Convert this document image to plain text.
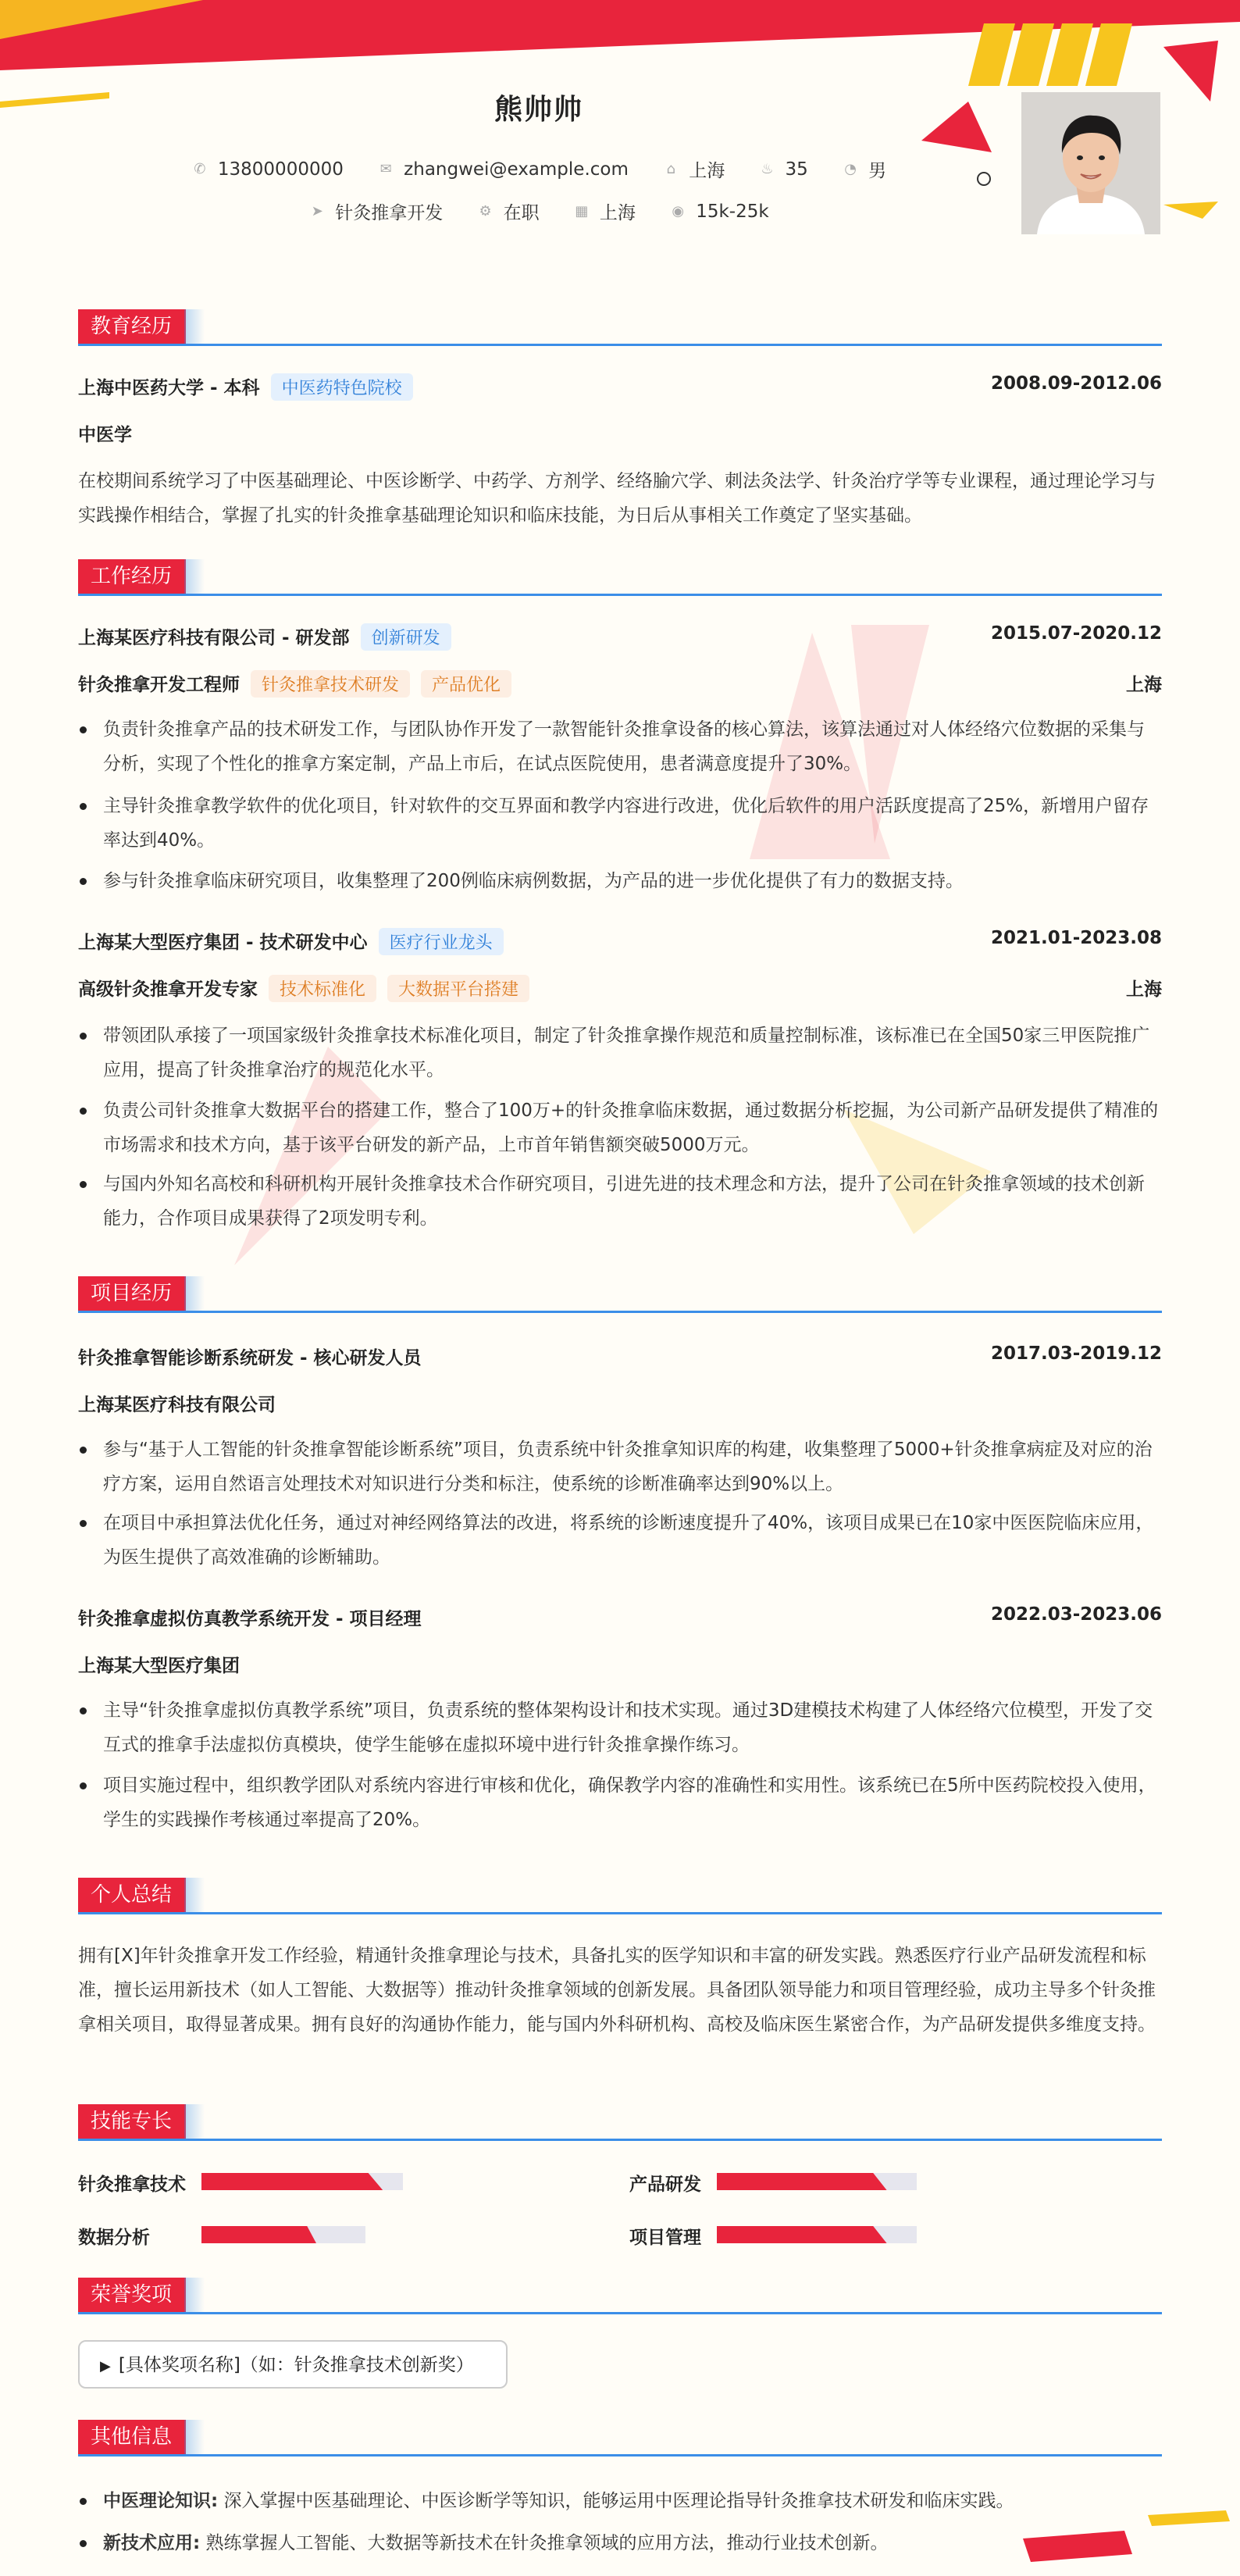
熊帅帅
✆ 13800000000
	✉ zhangwei@example.com
	⌂ 上海
	♨ 35
	◔ 男
➤ 针灸推拿开发
	⚙ 在职
	▦ 上海
	◉ 15k-25k
教育经历
上海中医药大学 - 本科 中医药特色院校	2008.09-2012.06
中医学
在校期间系统学习了中医基础理论、中医诊断学、中药学、方剂学、经络腧穴学、刺法灸法学、针灸治疗学等专业课程，通过理论学习与实践操作相结合，掌握了扎实的针灸推拿基础理论知识和临床技能，为日后从事相关工作奠定了坚实基础。
工作经历
上海某医疗科技有限公司 - 研发部 创新研发	2015.07-2020.12
针灸推拿开发工程师 针灸推拿技术研发 产品优化	上海
负责针灸推拿产品的技术研发工作，与团队协作开发了一款智能针灸推拿设备的核心算法，该算法通过对人体经络穴位数据的采集与分析，实现了个性化的推拿方案定制，产品上市后，在试点医院使用，患者满意度提升了30%。
主导针灸推拿教学软件的优化项目，针对软件的交互界面和教学内容进行改进，优化后软件的用户活跃度提高了25%，新增用户留存率达到40%。
参与针灸推拿临床研究项目，收集整理了200例临床病例数据，为产品的进一步优化提供了有力的数据支持。
上海某大型医疗集团 - 技术研发中心 医疗行业龙头	2021.01-2023.08
高级针灸推拿开发专家 技术标准化 大数据平台搭建	上海
带领团队承接了一项国家级针灸推拿技术标准化项目，制定了针灸推拿操作规范和质量控制标准，该标准已在全国50家三甲医院推广应用，提高了针灸推拿治疗的规范化水平。
负责公司针灸推拿大数据平台的搭建工作，整合了100万+的针灸推拿临床数据，通过数据分析挖掘，为公司新产品研发提供了精准的市场需求和技术方向，基于该平台研发的新产品，上市首年销售额突破5000万元。
与国内外知名高校和科研机构开展针灸推拿技术合作研究项目，引进先进的技术理念和方法，提升了公司在针灸推拿领域的技术创新能力，合作项目成果获得了2项发明专利。
项目经历
针灸推拿智能诊断系统研发 - 核心研发人员	2017.03-2019.12
上海某医疗科技有限公司
参与“基于人工智能的针灸推拿智能诊断系统”项目，负责系统中针灸推拿知识库的构建，收集整理了5000+针灸推拿病症及对应的治疗方案，运用自然语言处理技术对知识进行分类和标注，使系统的诊断准确率达到90%以上。
在项目中承担算法优化任务，通过对神经网络算法的改进，将系统的诊断速度提升了40%，该项目成果已在10家中医医院临床应用，为医生提供了高效准确的诊断辅助。
针灸推拿虚拟仿真教学系统开发 - 项目经理	2022.03-2023.06
上海某大型医疗集团
主导“针灸推拿虚拟仿真教学系统”项目，负责系统的整体架构设计和技术实现。通过3D建模技术构建了人体经络穴位模型，开发了交互式的推拿手法虚拟仿真模块，使学生能够在虚拟环境中进行针灸推拿操作练习。
项目实施过程中，组织教学团队对系统内容进行审核和优化，确保教学内容的准确性和实用性。该系统已在5所中医药院校投入使用，学生的实践操作考核通过率提高了20%。
个人总结
拥有[X]年针灸推拿开发工作经验，精通针灸推拿理论与技术，具备扎实的医学知识和丰富的研发实践。熟悉医疗行业产品研发流程和标准，擅长运用新技术（如人工智能、大数据等）推动针灸推拿领域的创新发展。具备团队领导能力和项目管理经验，成功主导多个针灸推拿相关项目，取得显著成果。拥有良好的沟通协作能力，能与国内外科研机构、高校及临床医生紧密合作，为产品研发提供多维度支持。
技能专长
针灸推拿技术	产品研发
数据分析	项目管理
荣誉奖项
▶ [具体奖项名称]（如：针灸推拿技术创新奖）
其他信息
中医理论知识: 深入掌握中医基础理论、中医诊断学等知识，能够运用中医理论指导针灸推拿技术研发和临床实践。
新技术应用: 熟练掌握人工智能、大数据等新技术在针灸推拿领域的应用方法，推动行业技术创新。
